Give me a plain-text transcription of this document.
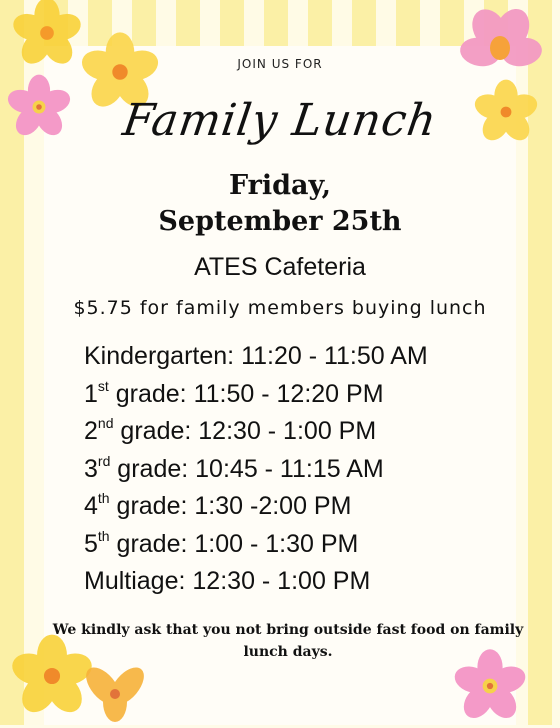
JOIN US FOR
Family Lunch
Friday,
September 25th
ATES Cafeteria
$5.75 for family members buying lunch
Kindergarten: 11:20 - 11:50 AM
1st grade: 11:50 - 12:20 PM
2nd grade: 12:30 - 1:00 PM
3rd grade: 10:45 - 11:15 AM
4th grade: 1:30 -2:00 PM
5th grade: 1:00 - 1:30 PM
Multiage: 12:30 - 1:00 PM
We kindly ask that you not bring outside fast food on family lunch days.
